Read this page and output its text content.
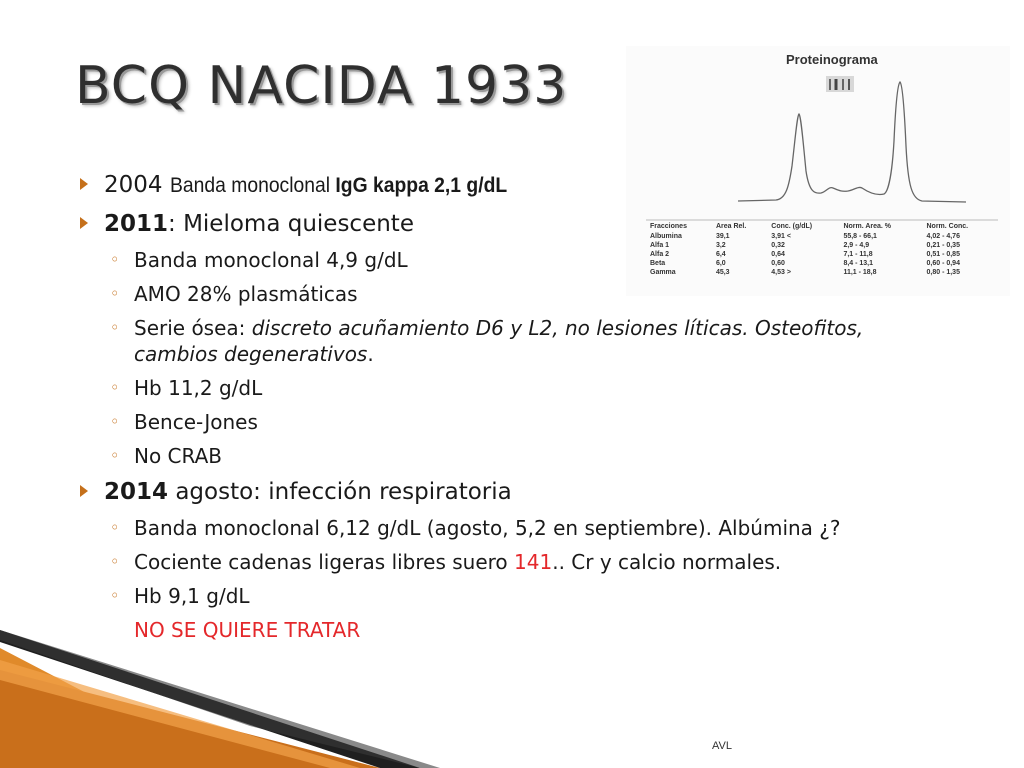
BCQ NACIDA 1933	Proteinograma
Fracciones	Area Rel.	Conc. (g/dL)	Norm. Area. %	Norm. Conc.
Albumina	39,1	3,91 <	55,8 - 66,1	4,02 - 4,76
Alfa 1	3,2	0,32	2,9 - 4,9	0,21 - 0,35
Alfa 2	6,4	0,64	7,1 - 11,8	0,51 - 0,85
Beta	6,0	0,60	8,4 - 13,1	0,60 - 0,94
Gamma	45,3	4,53 >	11,1 - 18,8	0,80 - 1,35
2004 Banda monoclonal IgG kappa 2,1 g/dL
2011: Mieloma quiescente
◦ Banda monoclonal 4,9 g/dL
◦ AMO 28% plasmáticas
◦ Serie ósea: discreto acuñamiento D6 y L2, no lesiones líticas. Osteofitos, cambios degenerativos.
◦ Hb 11,2 g/dL
◦ Bence-Jones
◦ No CRAB
2014 agosto: infección respiratoria
◦ Banda monoclonal 6,12 g/dL (agosto, 5,2 en septiembre). Albúmina ¿?
◦ Cociente cadenas ligeras libres suero 141.. Cr y calcio normales.
◦ Hb 9,1 g/dL
NO SE QUIERE TRATAR
AVL
